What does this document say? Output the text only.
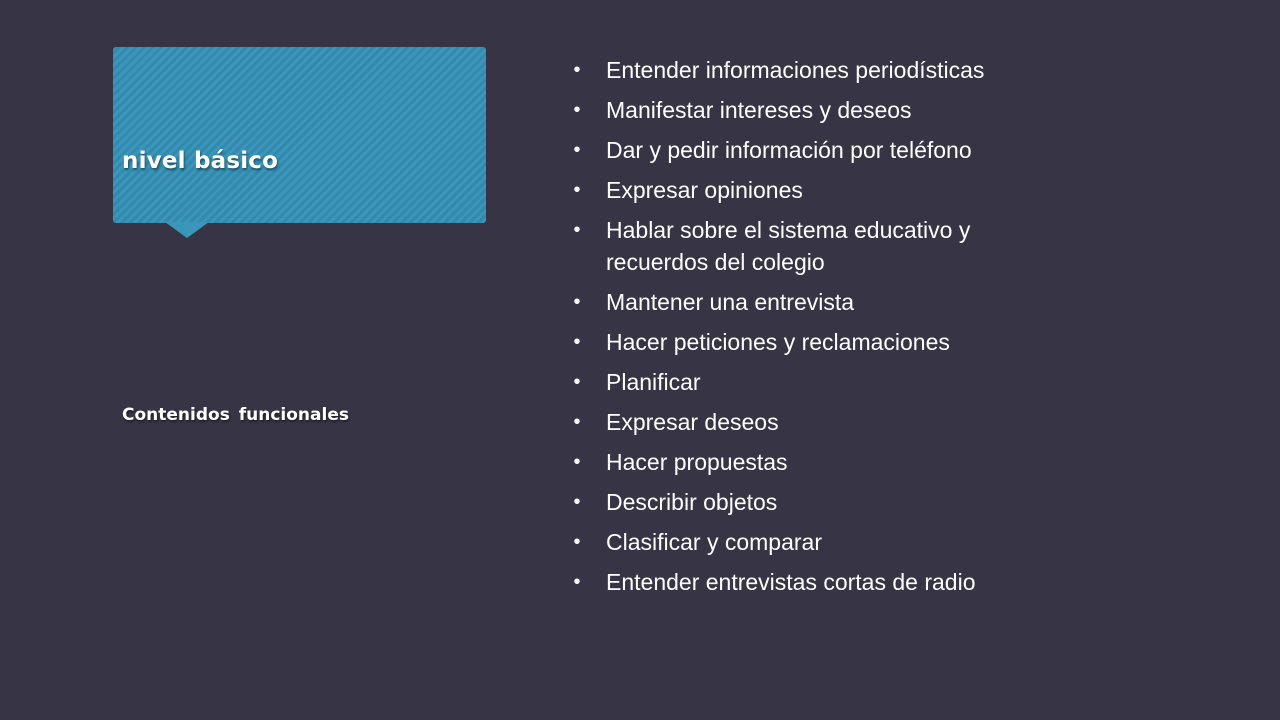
nivel básico
Contenidos funcionales
• Entender informaciones periodísticas
• Manifestar intereses y deseos
• Dar y pedir información por teléfono
• Expresar opiniones
• Hablar sobre el sistema educativo y recuerdos del colegio
• Mantener una entrevista
• Hacer peticiones y reclamaciones
• Planificar
• Expresar deseos
• Hacer propuestas
• Describir objetos
• Clasificar y comparar
• Entender entrevistas cortas de radio
